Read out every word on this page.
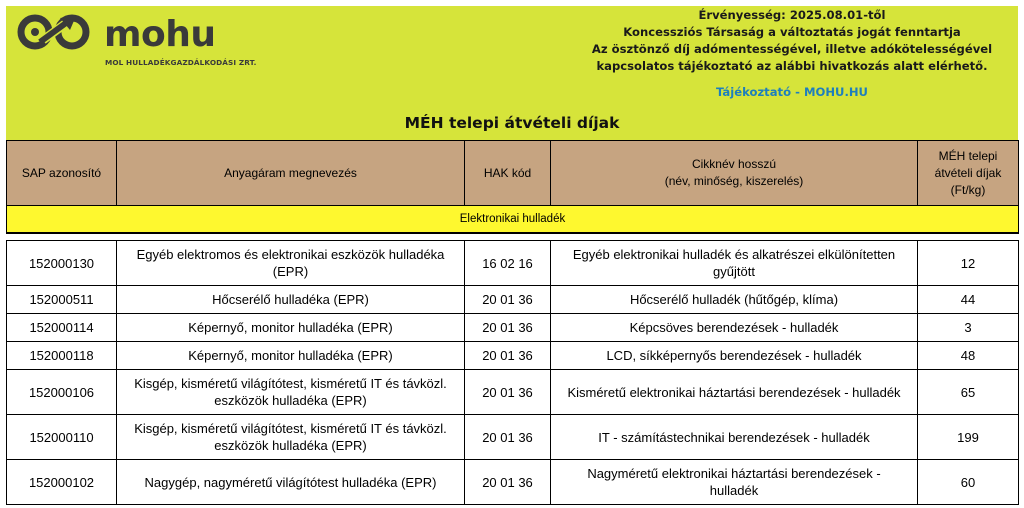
mohu
MOL HULLADÉKGAZDÁLKODÁSI ZRT.
Érvényesség: 2025.08.01-től
Koncessziós Társaság a változtatás jogát fenntartja
Az ösztönző díj adómentességével, illetve adókötelességével
kapcsolatos tájékoztató az alábbi hivatkozás alatt elérhető.
Tájékoztató - MOHU.HU
MÉH telepi átvételi díjak
SAP azonosító	Anyagáram megnevezés	HAK kód	Cikknév hosszú
(név, minőség, kiszerelés)	MÉH telepi
átvételi díjak
(Ft/kg)
Elektronikai hulladék				

152000130	Egyéb elektromos és elektronikai eszközök hulladéka
(EPR)	16 02 16	Egyéb elektronikai hulladék és alkatrészei elkülönítetten
gyűjtött	12
152000511	Hőcserélő hulladéka (EPR)	20 01 36	Hőcserélő hulladék (hűtőgép, klíma)	44
152000114	Képernyő, monitor hulladéka (EPR)	20 01 36	Képcsöves berendezések - hulladék	3
152000118	Képernyő, monitor hulladéka (EPR)	20 01 36	LCD, síkképernyős berendezések - hulladék	48
152000106	Kisgép, kisméretű világítótest, kisméretű IT és távközl.
eszközök hulladéka (EPR)	20 01 36	Kisméretű elektronikai háztartási berendezések - hulladék	65
152000110	Kisgép, kisméretű világítótest, kisméretű IT és távközl.
eszközök hulladéka (EPR)	20 01 36	IT - számítástechnikai berendezések - hulladék	199
152000102	Nagygép, nagyméretű világítótest hulladéka (EPR)	20 01 36	Nagyméretű elektronikai háztartási berendezések -
hulladék	60
